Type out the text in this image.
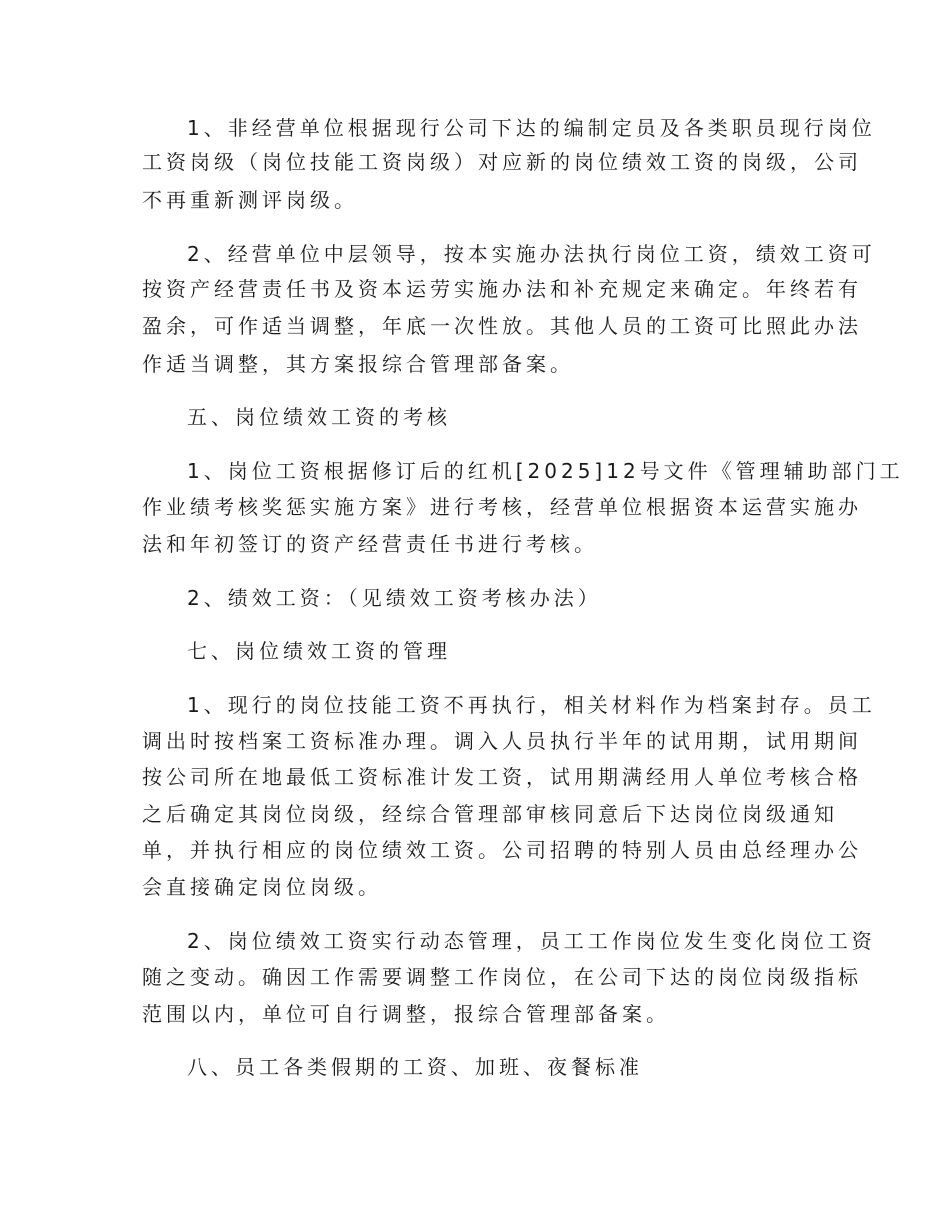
1、非经营单位根据现行公司下达的编制定员及各类职员现行岗位
工资岗级（岗位技能工资岗级）对应新的岗位绩效工资的岗级，公司
不再重新测评岗级。
2、经营单位中层领导，按本实施办法执行岗位工资，绩效工资可
按资产经营责任书及资本运劳实施办法和补充规定来确定。年终若有
盈余，可作适当调整，年底一次性放。其他人员的工资可比照此办法
作适当调整，其方案报综合管理部备案。
五、岗位绩效工资的考核
1、岗位工资根据修订后的红机[2025]12号文件《管理辅助部门工
作业绩考核奖惩实施方案》进行考核，经营单位根据资本运营实施办
法和年初签订的资产经营责任书进行考核。
2、绩效工资：（见绩效工资考核办法）
七、岗位绩效工资的管理
1、现行的岗位技能工资不再执行，相关材料作为档案封存。员工
调出时按档案工资标准办理。调入人员执行半年的试用期，试用期间
按公司所在地最低工资标准计发工资，试用期满经用人单位考核合格
之后确定其岗位岗级，经综合管理部审核同意后下达岗位岗级通知
单，并执行相应的岗位绩效工资。公司招聘的特别人员由总经理办公
会直接确定岗位岗级。
2、岗位绩效工资实行动态管理，员工工作岗位发生变化岗位工资
随之变动。确因工作需要调整工作岗位，在公司下达的岗位岗级指标
范围以内，单位可自行调整，报综合管理部备案。
八、员工各类假期的工资、加班、夜餐标准
